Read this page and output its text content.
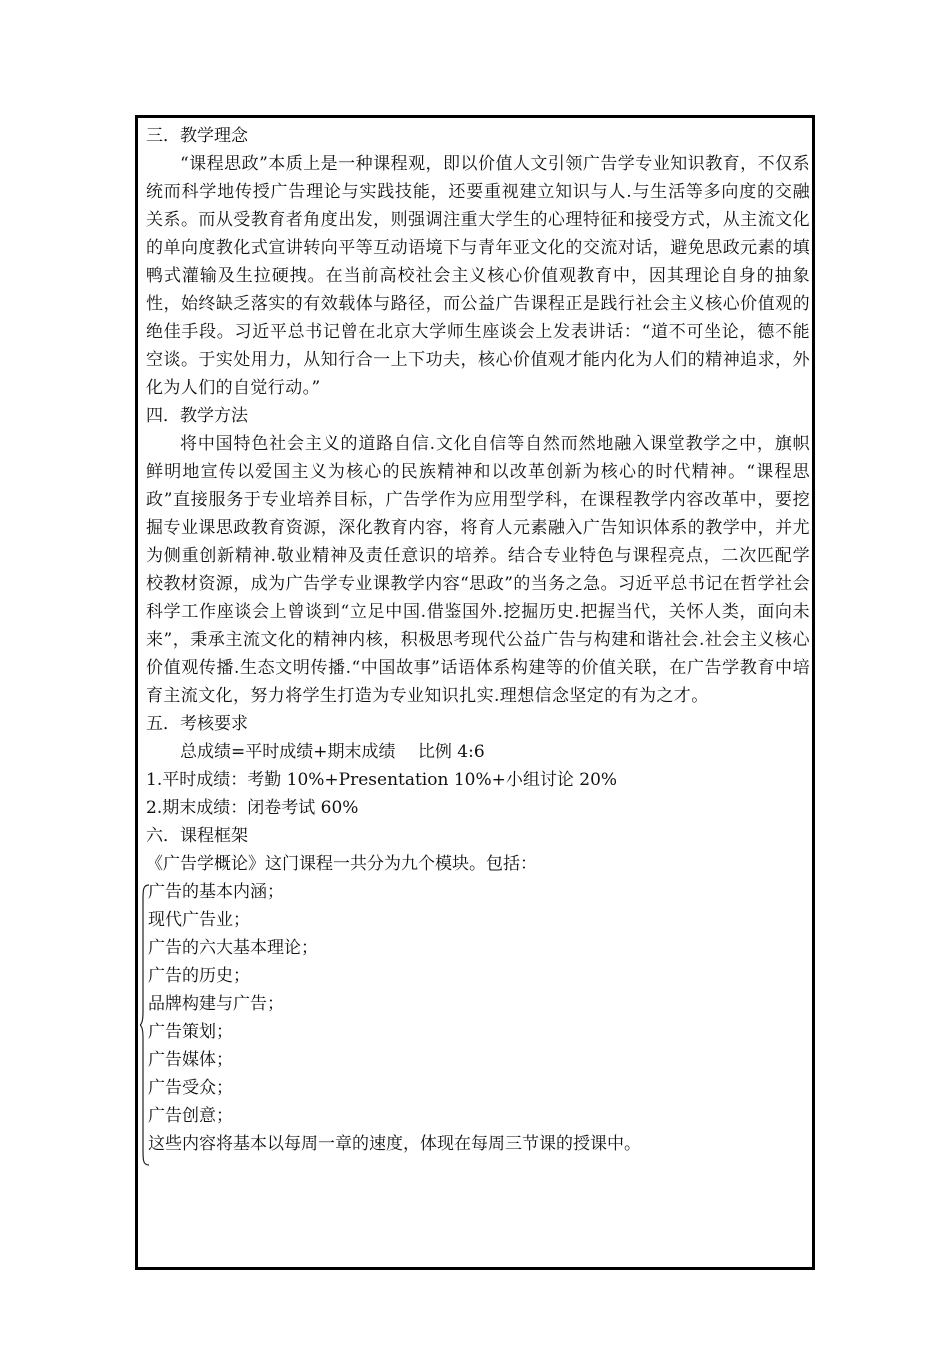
三．教学理念

“课程思政”本质上是一种课程观，即以价值人文引领广告学专业知识教育，不仅系统而科学地传授广告理论与实践技能，还要重视建立知识与人.与生活等多向度的交融关系。而从受教育者角度出发，则强调注重大学生的心理特征和接受方式，从主流文化的单向度教化式宣讲转向平等互动语境下与青年亚文化的交流对话，避免思政元素的填鸭式灌输及生拉硬拽。在当前高校社会主义核心价值观教育中，因其理论自身的抽象性，始终缺乏落实的有效载体与路径，而公益广告课程正是践行社会主义核心价值观的绝佳手段。习近平总书记曾在北京大学师生座谈会上发表讲话：“道不可坐论，德不能空谈。于实处用力，从知行合一上下功夫，核心价值观才能内化为人们的精神追求，外化为人们的自觉行动。”

四．教学方法

将中国特色社会主义的道路自信.文化自信等自然而然地融入课堂教学之中，旗帜鲜明地宣传以爱国主义为核心的民族精神和以改革创新为核心的时代精神。“课程思政”直接服务于专业培养目标，广告学作为应用型学科，在课程教学内容改革中，要挖掘专业课思政教育资源，深化教育内容，将育人元素融入广告知识体系的教学中，并尤为侧重创新精神.敬业精神及责任意识的培养。结合专业特色与课程亮点，二次匹配学校教材资源，成为广告学专业课教学内容“思政”的当务之急。习近平总书记在哲学社会科学工作座谈会上曾谈到“立足中国.借鉴国外.挖掘历史.把握当代，关怀人类，面向未来”，秉承主流文化的精神内核，积极思考现代公益广告与构建和谐社会.社会主义核心价值观传播.生态文明传播.“中国故事”话语体系构建等的价值关联，在广告学教育中培育主流文化，努力将学生打造为专业知识扎实.理想信念坚定的有为之才。

五．考核要求

总成绩=平时成绩+期末成绩　 比例 4:6

1.平时成绩：考勤 10%+Presentation 10%+小组讨论 20%

2.期末成绩：闭卷考试 60%

六．课程框架

《广告学概论》这门课程一共分为九个模块。包括：

广告的基本内涵；
现代广告业；
广告的六大基本理论；
广告的历史；
品牌构建与广告；
广告策划；
广告媒体；
广告受众；
广告创意；
这些内容将基本以每周一章的速度，体现在每周三节课的授课中。
